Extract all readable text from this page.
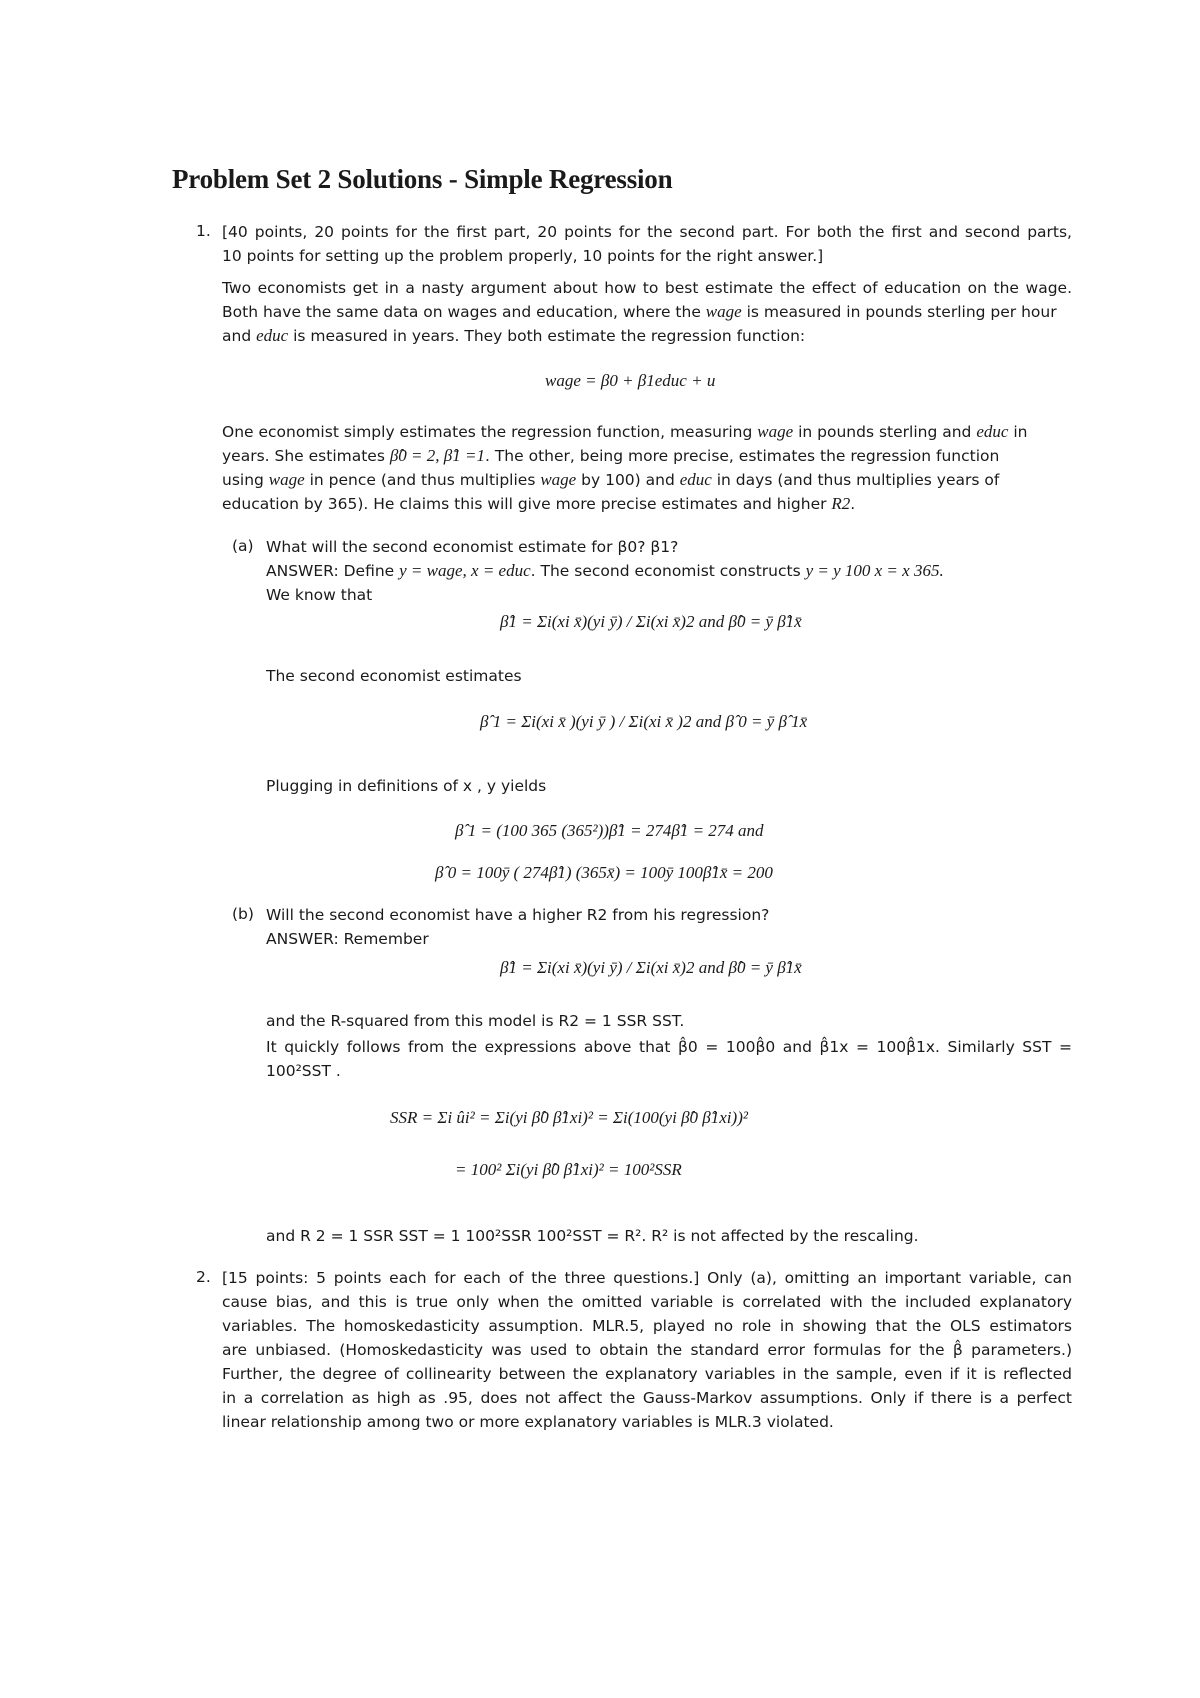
Problem Set 2 Solutions - Simple Regression
1. [40 points, 20 points for the first part, 20 points for the second part. For both the first and second parts,
10 points for setting up the problem properly, 10 points for the right answer.]
Two economists get in a nasty argument about how to best estimate the effect of education on the wage.
Both have the same data on wages and education, where the wage is measured in pounds sterling per hour
and educ is measured in years. They both estimate the regression function:
wage = β0 + β1educ + u
One economist simply estimates the regression function, measuring wage in pounds sterling and educ in
years. She estimates β̂0 = 2, β̂1 =1. The other, being more precise, estimates the regression function
using wage in pence (and thus multiplies wage by 100) and educ in days (and thus multiplies years of
education by 365). He claims this will give more precise estimates and higher R2.
(a) What will the second economist estimate for β0? β1?
ANSWER: Define y = wage, x = educ. The second economist constructs y = y 100 x = x 365.
We know that
β̂1 = Σi(xi x̄)(yi ȳ) / Σi(xi x̄)2 and β̂0 = ȳ β̂1x̄
The second economist estimates
β̂ 1 = Σi(xi x̄ )(yi ȳ ) / Σi(xi x̄ )2 and β̂ 0 = ȳ β̂ 1x̄
Plugging in definitions of x , y yields
β̂ 1 = (100 365 (365²))β̂1 = 274β̂1 = 274 and
β̂ 0 = 100ȳ ( 274β̂1) (365x̄) = 100ȳ 100β̂1x̄ = 200
(b) Will the second economist have a higher R2 from his regression?
ANSWER: Remember
β̂1 = Σi(xi x̄)(yi ȳ) / Σi(xi x̄)2 and β̂0 = ȳ β̂1x̄
and the R-squared from this model is R2 = 1 SSR SST.
It quickly follows from the expressions above that β̂0 = 100β̂0 and β̂1x = 100β̂1x. Similarly SST =
100²SST .
SSR = Σi ûi² = Σi(yi β̂0 β̂1xi)² = Σi(100(yi β̂0 β̂1xi))²
= 100² Σi(yi β̂0 β̂1xi)² = 100²SSR
and R 2 = 1 SSR SST = 1 100²SSR 100²SST = R². R² is not affected by the rescaling.
2. [15 points: 5 points each for each of the three questions.] Only (a), omitting an important variable, can
cause bias, and this is true only when the omitted variable is correlated with the included explanatory
variables. The homoskedasticity assumption. MLR.5, played no role in showing that the OLS estimators
are unbiased. (Homoskedasticity was used to obtain the standard error formulas for the β̂ parameters.)
Further, the degree of collinearity between the explanatory variables in the sample, even if it is reflected
in a correlation as high as .95, does not affect the Gauss-Markov assumptions. Only if there is a perfect
linear relationship among two or more explanatory variables is MLR.3 violated.
